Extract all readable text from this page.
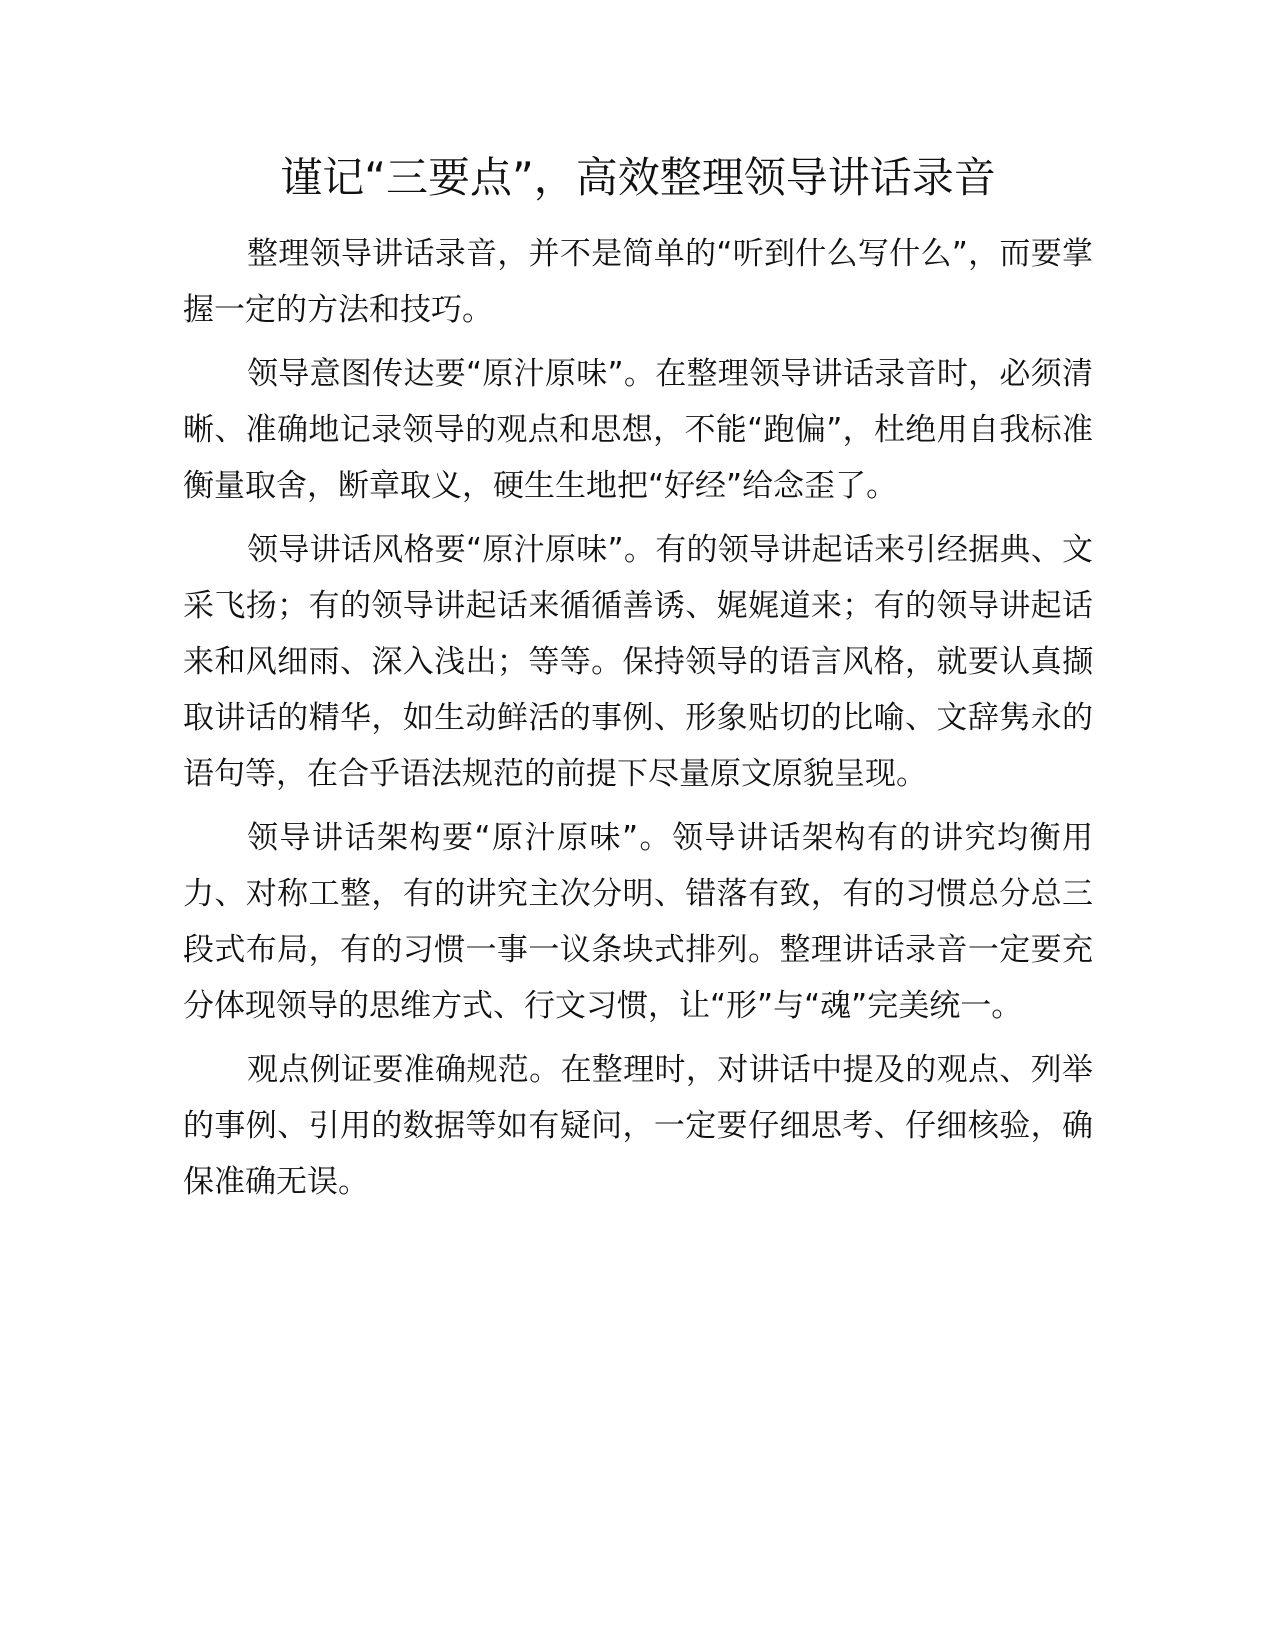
谨记“三要点”，高效整理领导讲话录音

整理领导讲话录音，并不是简单的“听到什么写什么”，而要掌握一定的方法和技巧。

领导意图传达要“原汁原味”。在整理领导讲话录音时，必须清晰、准确地记录领导的观点和思想，不能“跑偏”，杜绝用自我标准衡量取舍，断章取义，硬生生地把“好经”给念歪了。

领导讲话风格要“原汁原味”。有的领导讲起话来引经据典、文采飞扬；有的领导讲起话来循循善诱、娓娓道来；有的领导讲起话来和风细雨、深入浅出；等等。保持领导的语言风格，就要认真撷取讲话的精华，如生动鲜活的事例、形象贴切的比喻、文辞隽永的语句等，在合乎语法规范的前提下尽量原文原貌呈现。

领导讲话架构要“原汁原味”。领导讲话架构有的讲究均衡用力、对称工整，有的讲究主次分明、错落有致，有的习惯总分总三段式布局，有的习惯一事一议条块式排列。整理讲话录音一定要充分体现领导的思维方式、行文习惯，让“形”与“魂”完美统一。

观点例证要准确规范。在整理时，对讲话中提及的观点、列举的事例、引用的数据等如有疑问，一定要仔细思考、仔细核验，确保准确无误。
